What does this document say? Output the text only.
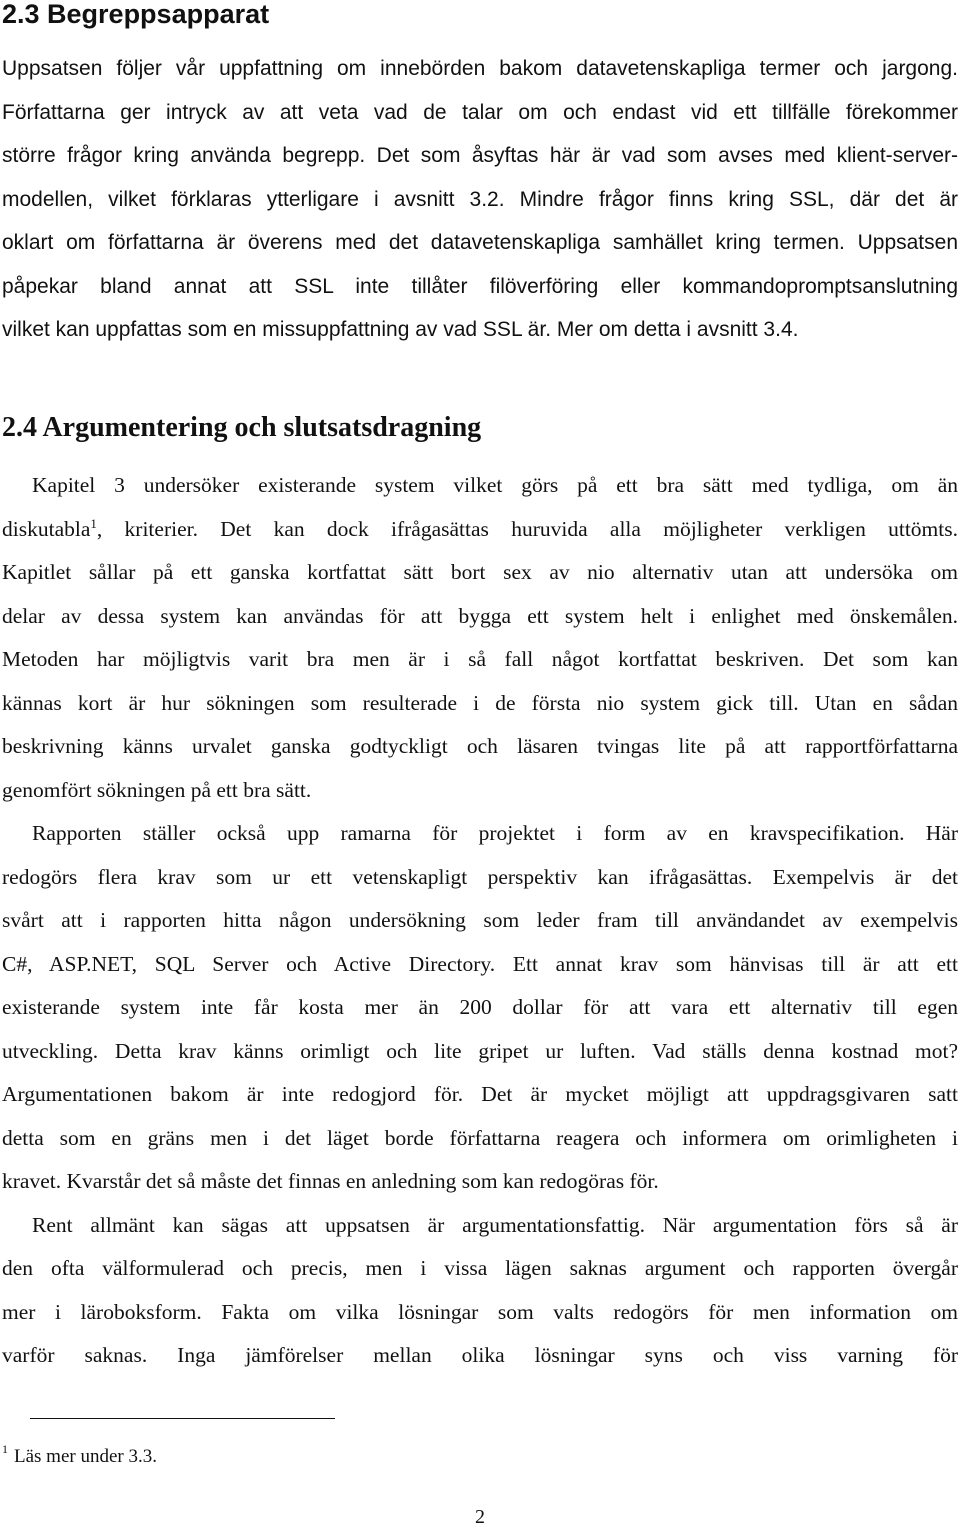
2.3 Begreppsapparat
Uppsatsen följer vår uppfattning om innebörden bakom datavetenskapliga termer och jargong.
Författarna ger intryck av att veta vad de talar om och endast vid ett tillfälle förekommer
större frågor kring använda begrepp. Det som åsyftas här är vad som avses med klient-server-
modellen, vilket förklaras ytterligare i avsnitt 3.2. Mindre frågor finns kring SSL, där det är
oklart om författarna är överens med det datavetenskapliga samhället kring termen. Uppsatsen
påpekar bland annat att SSL inte tillåter filöverföring eller kommandopromptsanslutning
vilket kan uppfattas som en missuppfattning av vad SSL är. Mer om detta i avsnitt 3.4.
2.4 Argumentering och slutsatsdragning

Kapitel 3 undersöker existerande system vilket görs på ett bra sätt med tydliga, om än
diskutabla$^1$, kriterier. Det kan dock ifrågasättas huruvida alla möjligheter verkligen uttömts.
Kapitlet sållar på ett ganska kortfattat sätt bort sex av nio alternativ utan att undersöka om
delar av dessa system kan användas för att bygga ett system helt i enlighet med önskemålen.
Metoden har möjligtvis varit bra men är i så fall något kortfattat beskriven. Det som kan
kännas kort är hur sökningen som resulterade i de första nio system gick till. Utan en sådan
beskrivning känns urvalet ganska godtyckligt och läsaren tvingas lite på att rapportförfattarna
genomfört sökningen på ett bra sätt.

Rapporten ställer också upp ramarna för projektet i form av en kravspecifikation. Här
redogörs flera krav som ur ett vetenskapligt perspektiv kan ifrågasättas. Exempelvis är det
svårt att i rapporten hitta någon undersökning som leder fram till användandet av exempelvis
C#, ASP.NET, SQL Server och Active Directory. Ett annat krav som hänvisas till är att ett
existerande system inte får kosta mer än 200 dollar för att vara ett alternativ till egen
utveckling. Detta krav känns orimligt och lite gripet ur luften. Vad ställs denna kostnad mot?
Argumentationen bakom är inte redogjord för. Det är mycket möjligt att uppdragsgivaren satt
detta som en gräns men i det läget borde författarna reagera och informera om orimligheten i
kravet. Kvarstår det så måste det finnas en anledning som kan redogöras för.

Rent allmänt kan sägas att uppsatsen är argumentationsfattig. När argumentation förs så är
den ofta välformulerad och precis, men i vissa lägen saknas argument och rapporten övergår
mer i läroboksform. Fakta om vilka lösningar som valts redogörs för men information om
varför saknas. Inga jämförelser mellan olika lösningar syns och viss varning för

$^1$ Läs mer under 3.3.
2
